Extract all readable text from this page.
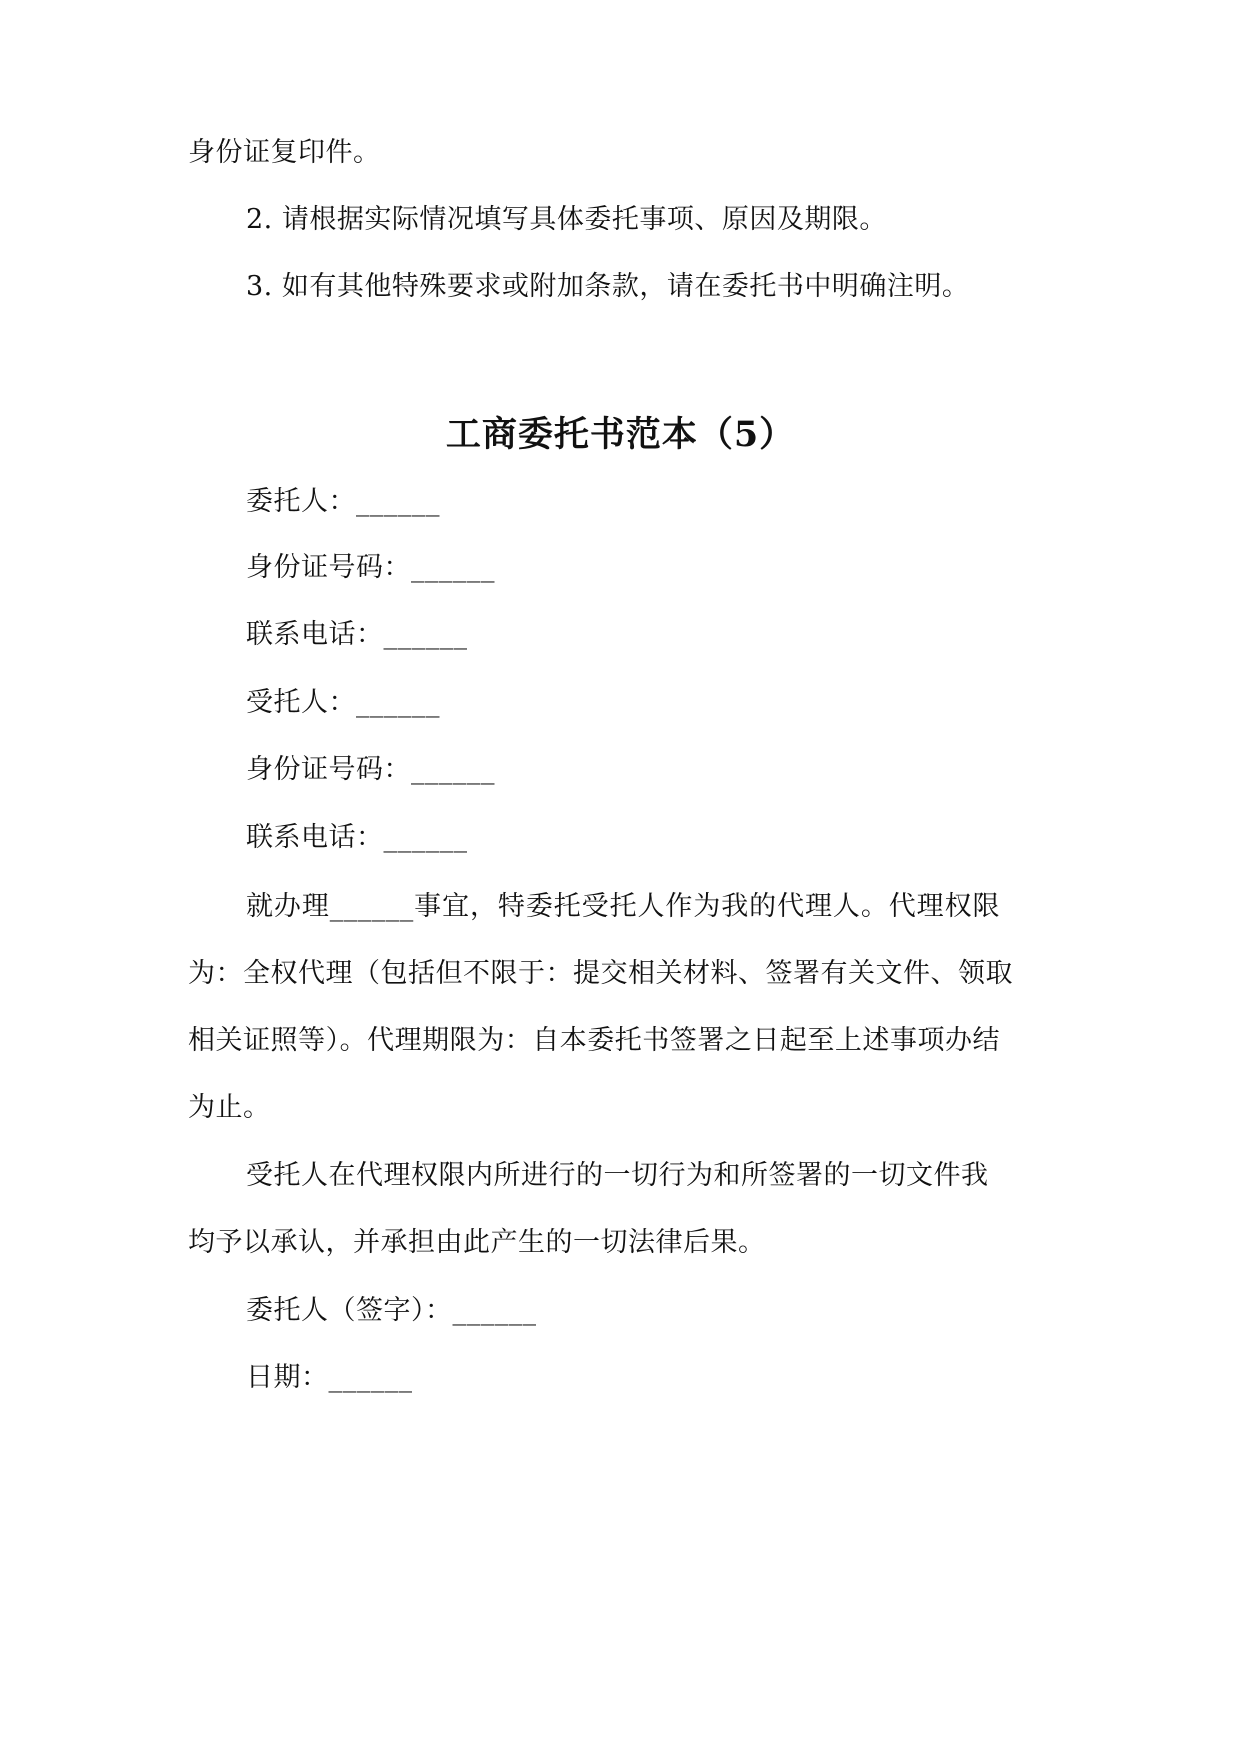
身份证复印件。
2. 请根据实际情况填写具体委托事项、原因及期限。
3. 如有其他特殊要求或附加条款，请在委托书中明确注明。
工商委托书范本（5）
委托人：______
身份证号码：______
联系电话：______
受托人：______
身份证号码：______
联系电话：______
就办理______事宜，特委托受托人作为我的代理人。代理权限
为：全权代理（包括但不限于：提交相关材料、签署有关文件、领取
相关证照等）。代理期限为：自本委托书签署之日起至上述事项办结
为止。
受托人在代理权限内所进行的一切行为和所签署的一切文件我
均予以承认，并承担由此产生的一切法律后果。
委托人（签字）：______
日期：______
